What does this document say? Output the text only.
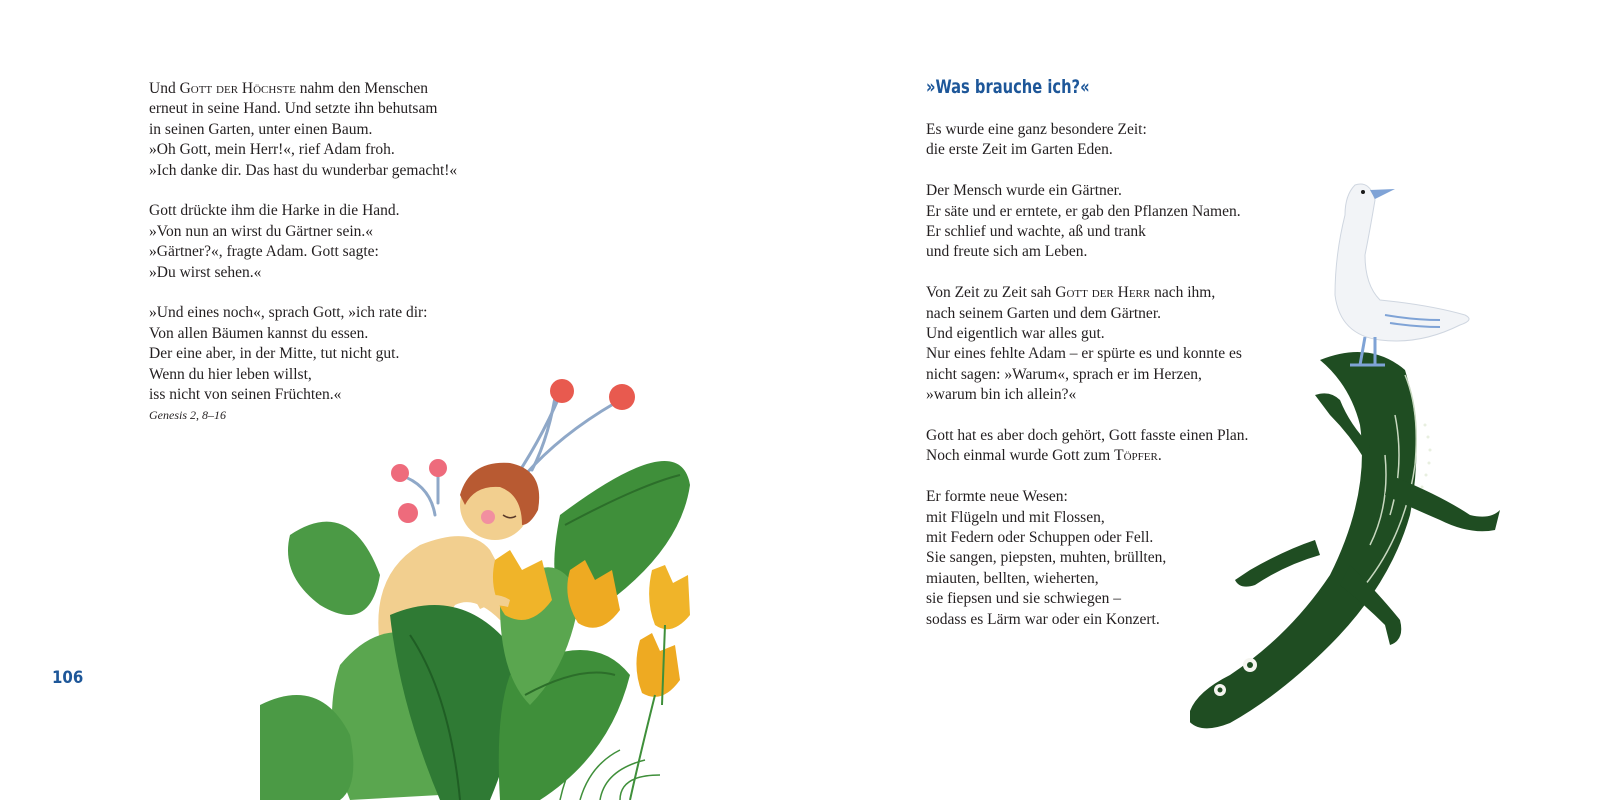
Und Gott der Höchste nahm den Menschen
erneut in seine Hand. Und setzte ihn behutsam
in seinen Garten, unter einen Baum.
»Oh Gott, mein Herr!«, rief Adam froh.
»Ich danke dir. Das hast du wunderbar gemacht!«
Gott drückte ihm die Harke in die Hand.
»Von nun an wirst du Gärtner sein.«
»Gärtner?«, fragte Adam. Gott sagte:
»Du wirst sehen.«
»Und eines noch«, sprach Gott, »ich rate dir:
Von allen Bäumen kannst du essen.
Der eine aber, in der Mitte, tut nicht gut.
Wenn du hier leben willst,
iss nicht von seinen Früchten.«
Genesis 2, 8–16
106
»Was brauche ich?«
Es wurde eine ganz besondere Zeit:
die erste Zeit im Garten Eden.
Der Mensch wurde ein Gärtner.
Er säte und er erntete, er gab den Pflanzen Namen.
Er schlief und wachte, aß und trank
und freute sich am Leben.
Von Zeit zu Zeit sah Gott der Herr nach ihm,
nach seinem Garten und dem Gärtner.
Und eigentlich war alles gut.
Nur eines fehlte Adam – er spürte es und konnte es
nicht sagen: »Warum«, sprach er im Herzen,
»warum bin ich allein?«
Gott hat es aber doch gehört, Gott fasste einen Plan.
Noch einmal wurde Gott zum Töpfer.
Er formte neue Wesen:
mit Flügeln und mit Flossen,
mit Federn oder Schuppen oder Fell.
Sie sangen, piepsten, muhten, brüllten,
miauten, bellten, wieherten,
sie fiepsen und sie schwiegen –
sodass es Lärm war oder ein Konzert.
